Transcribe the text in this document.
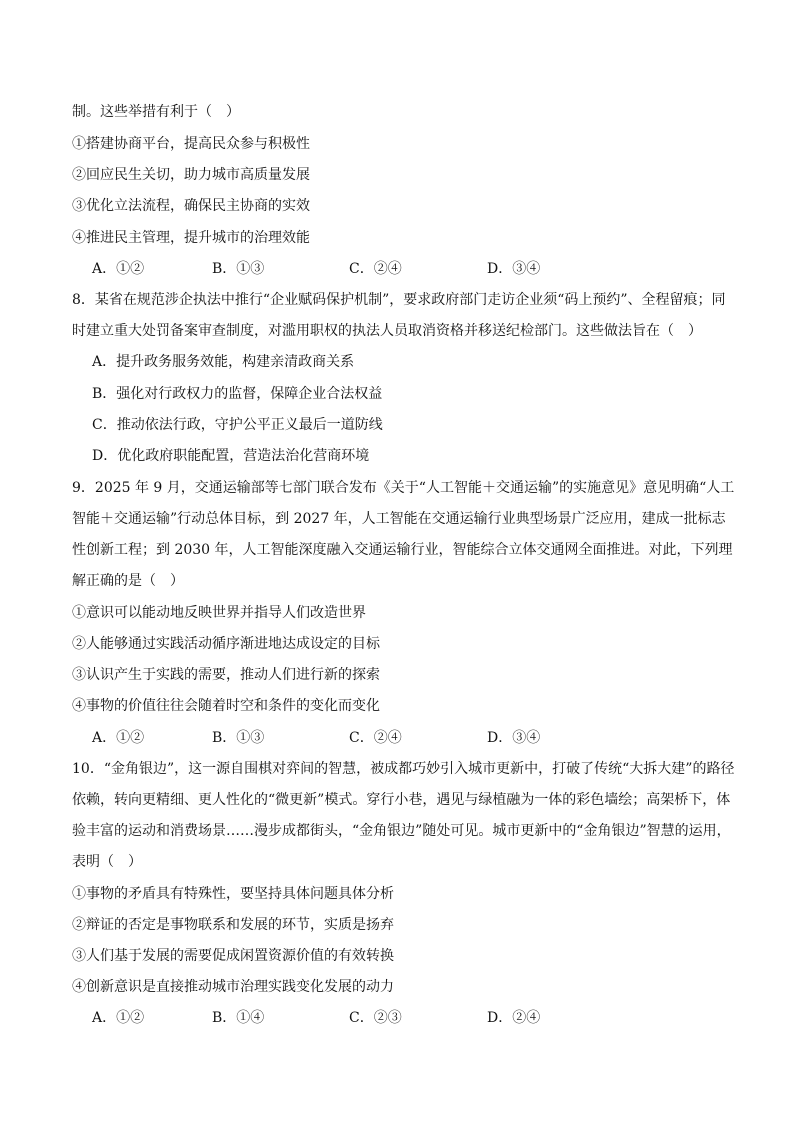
制。这些举措有利于（　）
①搭建协商平台，提高民众参与积极性
②回应民生关切，助力城市高质量发展
③优化立法流程，确保民主协商的实效
④推进民主管理，提升城市的治理效能
A．①②	B．①③	C．②④	D．③④
8．某省在规范涉企执法中推行“企业赋码保护机制”，要求政府部门走访企业须“码上预约”、全程留痕；同
时建立重大处罚备案审查制度，对滥用职权的执法人员取消资格并移送纪检部门。这些做法旨在（　）
A．提升政务服务效能，构建亲清政商关系
B．强化对行政权力的监督，保障企业合法权益
C．推动依法行政，守护公平正义最后一道防线
D．优化政府职能配置，营造法治化营商环境
9．2025 年 9 月，交通运输部等七部门联合发布《关于“人工智能＋交通运输”的实施意见》意见明确“人工
智能＋交通运输”行动总体目标，到 2027 年，人工智能在交通运输行业典型场景广泛应用，建成一批标志
性创新工程；到 2030 年，人工智能深度融入交通运输行业，智能综合立体交通网全面推进。对此，下列理
解正确的是（　）
①意识可以能动地反映世界并指导人们改造世界
②人能够通过实践活动循序渐进地达成设定的目标
③认识产生于实践的需要，推动人们进行新的探索
④事物的价值往往会随着时空和条件的变化而变化
A．①②	B．①③	C．②④	D．③④
10．“金角银边”，这一源自围棋对弈间的智慧，被成都巧妙引入城市更新中，打破了传统“大拆大建”的路径
依赖，转向更精细、更人性化的“微更新”模式。穿行小巷，遇见与绿植融为一体的彩色墙绘；高架桥下，体
验丰富的运动和消费场景……漫步成都街头，“金角银边”随处可见。城市更新中的“金角银边”智慧的运用，
表明（　）
①事物的矛盾具有特殊性，要坚持具体问题具体分析
②辩证的否定是事物联系和发展的环节，实质是扬弃
③人们基于发展的需要促成闲置资源价值的有效转换
④创新意识是直接推动城市治理实践变化发展的动力
A．①②	B．①④	C．②③	D．②④
